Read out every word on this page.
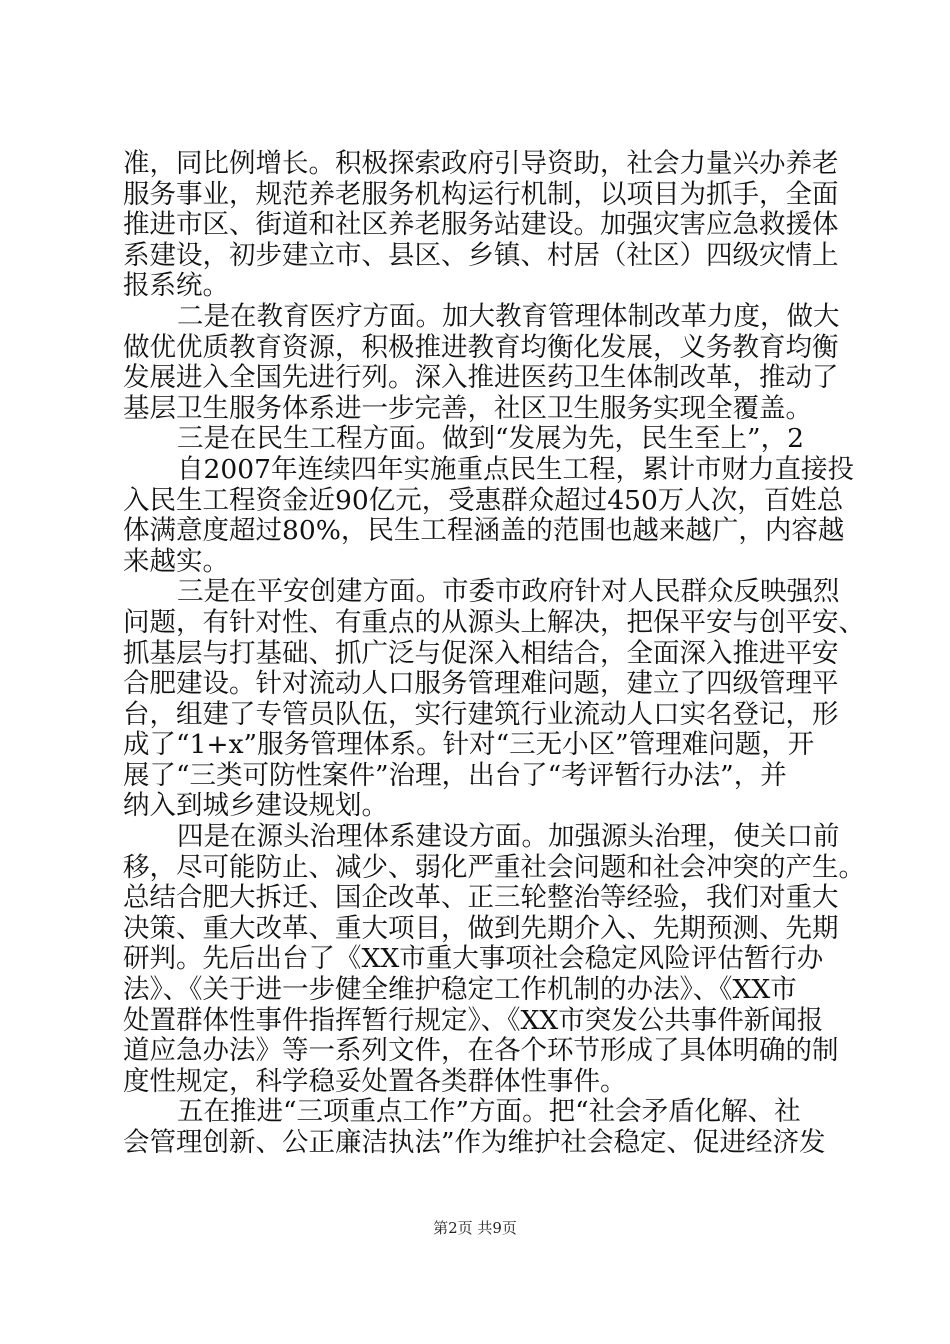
准，同比例增长。积极探索政府引导资助，社会力量兴办养老
服务事业，规范养老服务机构运行机制，以项目为抓手，全面
推进市区、街道和社区养老服务站建设。加强灾害应急救援体
系建设，初步建立市、县区、乡镇、村居（社区）四级灾情上
报系统。
二是在教育医疗方面。加大教育管理体制改革力度，做大
做优优质教育资源，积极推进教育均衡化发展，义务教育均衡
发展进入全国先进行列。深入推进医药卫生体制改革，推动了
基层卫生服务体系进一步完善，社区卫生服务实现全覆盖。
三是在民生工程方面。做到“发展为先，民生至上”，2
自2007年连续四年实施重点民生工程，累计市财力直接投
入民生工程资金近90亿元，受惠群众超过450万人次，百姓总
体满意度超过80%，民生工程涵盖的范围也越来越广，内容越
来越实。
三是在平安创建方面。市委市政府针对人民群众反映强烈
问题，有针对性、有重点的从源头上解决，把保平安与创平安、
抓基层与打基础、抓广泛与促深入相结合，全面深入推进平安
合肥建设。针对流动人口服务管理难问题，建立了四级管理平
台，组建了专管员队伍，实行建筑行业流动人口实名登记，形
成了“1+x”服务管理体系。针对“三无小区”管理难问题，开
展了“三类可防性案件”治理，出台了“考评暂行办法”，并
纳入到城乡建设规划。
四是在源头治理体系建设方面。加强源头治理，使关口前
移，尽可能防止、减少、弱化严重社会问题和社会冲突的产生。
总结合肥大拆迁、国企改革、正三轮整治等经验，我们对重大
决策、重大改革、重大项目，做到先期介入、先期预测、先期
研判。先后出台了《XX市重大事项社会稳定风险评估暂行办
法》、《关于进一步健全维护稳定工作机制的办法》、《XX市
处置群体性事件指挥暂行规定》、《XX市突发公共事件新闻报
道应急办法》等一系列文件，在各个环节形成了具体明确的制
度性规定，科学稳妥处置各类群体性事件。
五在推进“三项重点工作”方面。把“社会矛盾化解、社
会管理创新、公正廉洁执法”作为维护社会稳定、促进经济发
第2页 共9页
